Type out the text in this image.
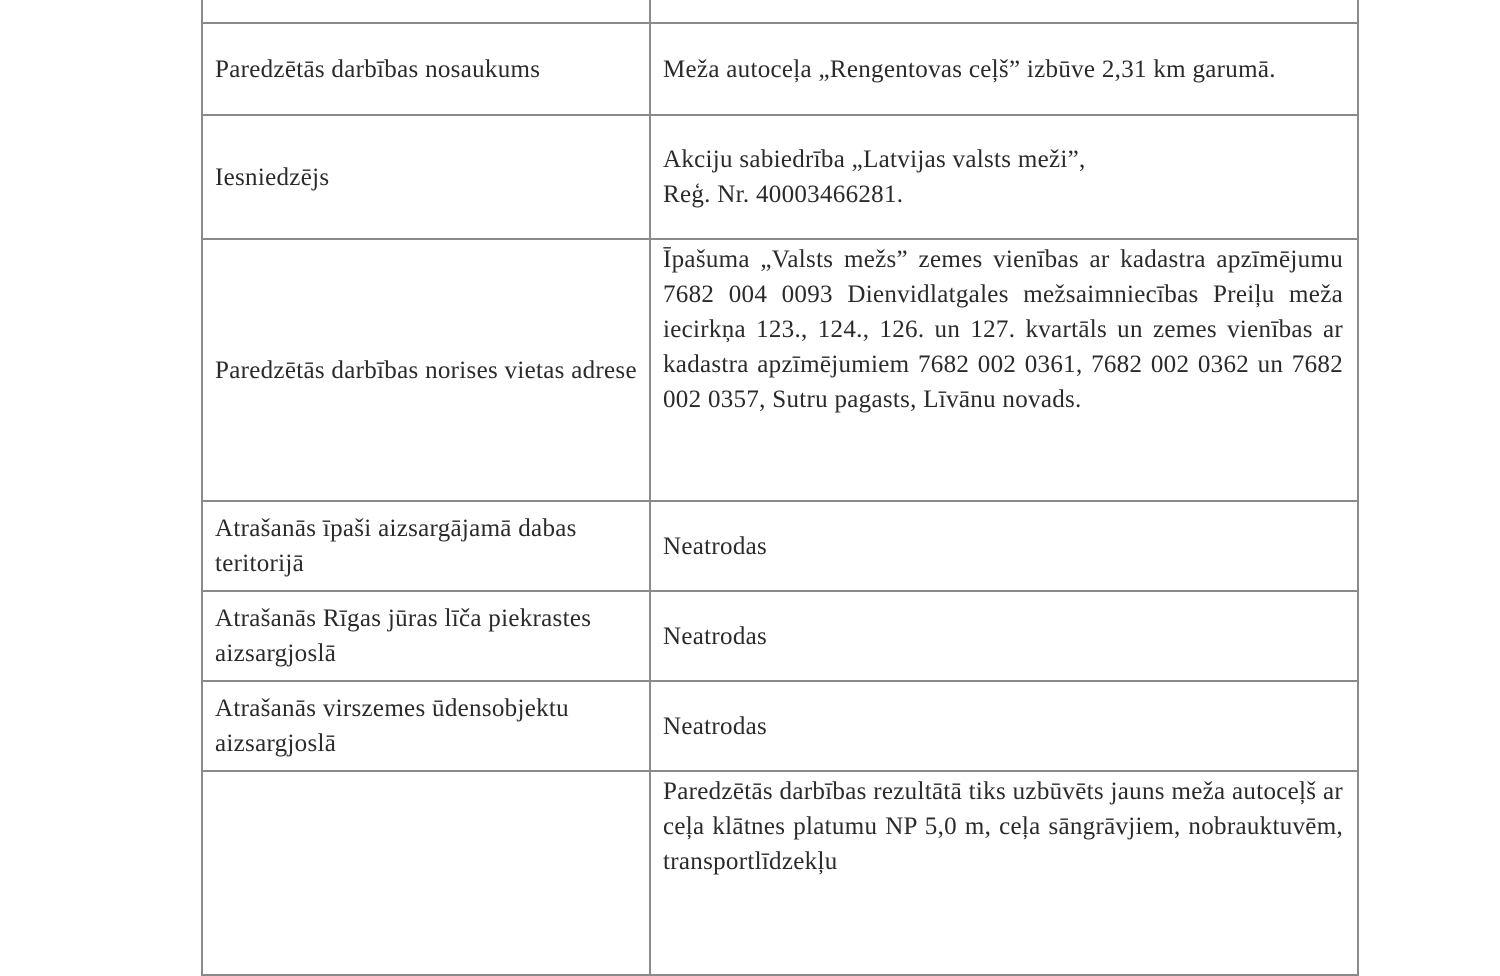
Paredzētās darbības nosaukums	Meža autoceļa „Rengentovas ceļš” izbūve 2,31 km garumā.
Iesniedzējs	Akciju sabiedrība „Latvijas valsts meži”,
Reģ. Nr. 40003466281.

Paredzētās darbības norises vietas adrese	Īpašuma „Valsts mežs” zemes vienības ar kadastra apzīmējumu 7682 004 0093 Dienvidlatgales mežsaimniecības Preiļu meža iecirkņa 123., 124., 126. un 127. kvartāls un zemes vienības ar kadastra apzīmējumiem 7682 002 0361, 7682 002 0362 un 7682 002 0357, Sutru pagasts, Līvānu novads.
Atrašanās īpaši aizsargājamā dabas teritorijā	Neatrodas
Atrašanās Rīgas jūras līča piekrastes aizsargjoslā	Neatrodas
Atrašanās virszemes ūdensobjektu aizsargjoslā	Neatrodas
	Paredzētās darbības rezultātā tiks uzbūvēts jauns meža autoceļš ar ceļa klātnes platumu NP 5,0 m, ceļa sāngrāvjiem, nobrauktuvēm, transportlīdzekļu
